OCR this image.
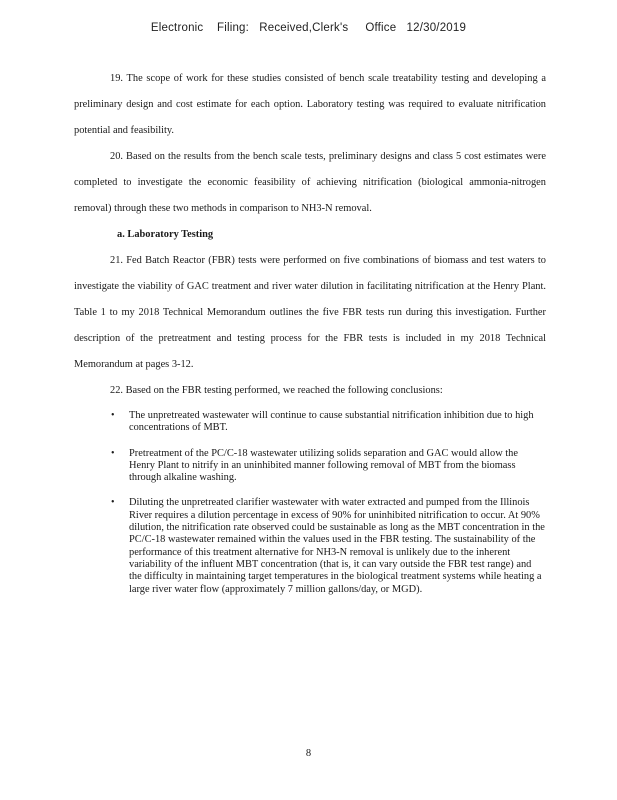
Electronic    Filing:   Received,Clerk's     Office   12/30/2019

19. The scope of work for these studies consisted of bench scale treatability testing and developing a preliminary design and cost estimate for each option. Laboratory testing was required to evaluate nitrification potential and feasibility.

20. Based on the results from the bench scale tests, preliminary designs and class 5 cost estimates were completed to investigate the economic feasibility of achieving nitrification (biological ammonia-nitrogen removal) through these two methods in comparison to NH3-N removal.

a. Laboratory Testing

21. Fed Batch Reactor (FBR) tests were performed on five combinations of biomass and test waters to investigate the viability of GAC treatment and river water dilution in facilitating nitrification at the Henry Plant. Table 1 to my 2018 Technical Memorandum outlines the five FBR tests run during this investigation. Further description of the pretreatment and testing process for the FBR tests is included in my 2018 Technical Memorandum at pages 3-12.

22. Based on the FBR testing performed, we reached the following conclusions:

• The unpretreated wastewater will continue to cause substantial nitrification inhibition due to high concentrations of MBT.
• Pretreatment of the PC/C-18 wastewater utilizing solids separation and GAC would allow the Henry Plant to nitrify in an uninhibited manner following removal of MBT from the biomass through alkaline washing.
• Diluting the unpretreated clarifier wastewater with water extracted and pumped from the Illinois River requires a dilution percentage in excess of 90% for uninhibited nitrification to occur. At 90% dilution, the nitrification rate observed could be sustainable as long as the MBT concentration in the PC/C-18 wastewater remained within the values used in the FBR testing. The sustainability of the performance of this treatment alternative for NH3-N removal is unlikely due to the inherent variability of the influent MBT concentration (that is, it can vary outside the FBR test range) and the difficulty in maintaining target temperatures in the biological treatment systems while heating a large river water flow (approximately 7 million gallons/day, or MGD).
8
